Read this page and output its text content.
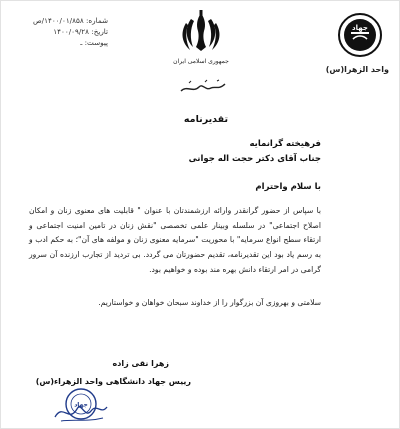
شماره: ۱۴۰۰/۰۱/۸۵۸/ص
تاریخ: ۱۴۰۰/۰۹/۲۸
پیوست: ـ
جمهوری اسلامی ایران
جهاد
واحد الزهرا(س)
تقدیرنامه
فرهیخته گرانمایه
جناب آقای دکتر حجت اله جوانی
با سلام واحترام
با سپاس از حضور گرانقدر وارائه ارزشمندتان با عنوان " قابلیت های معنوی زنان و امکان اصلاح اجتماعی" در سلسله وبینار علمی تخصصی "نقش زنان در تامین امنیت اجتماعی و ارتقاء سطح انواع سرمایه" با محوریت "سرمایه معنوی زنان و مولفه های آن"؛ به حکم ادب و به رسم یاد بود این تقدیرنامه، تقدیم حضورتان می گردد. بی تردید از تجارب ارزنده آن سرور گرامی در امر ارتقاء دانش بهره مند بوده و خواهیم بود.
سلامتی و بهروزی آن بزرگوار را از خداوند سبحان خواهان و خواستاریم.
زهرا نقی زاده
رییس جهاد دانشگاهی واحد الزهراء(س)
جهاد
